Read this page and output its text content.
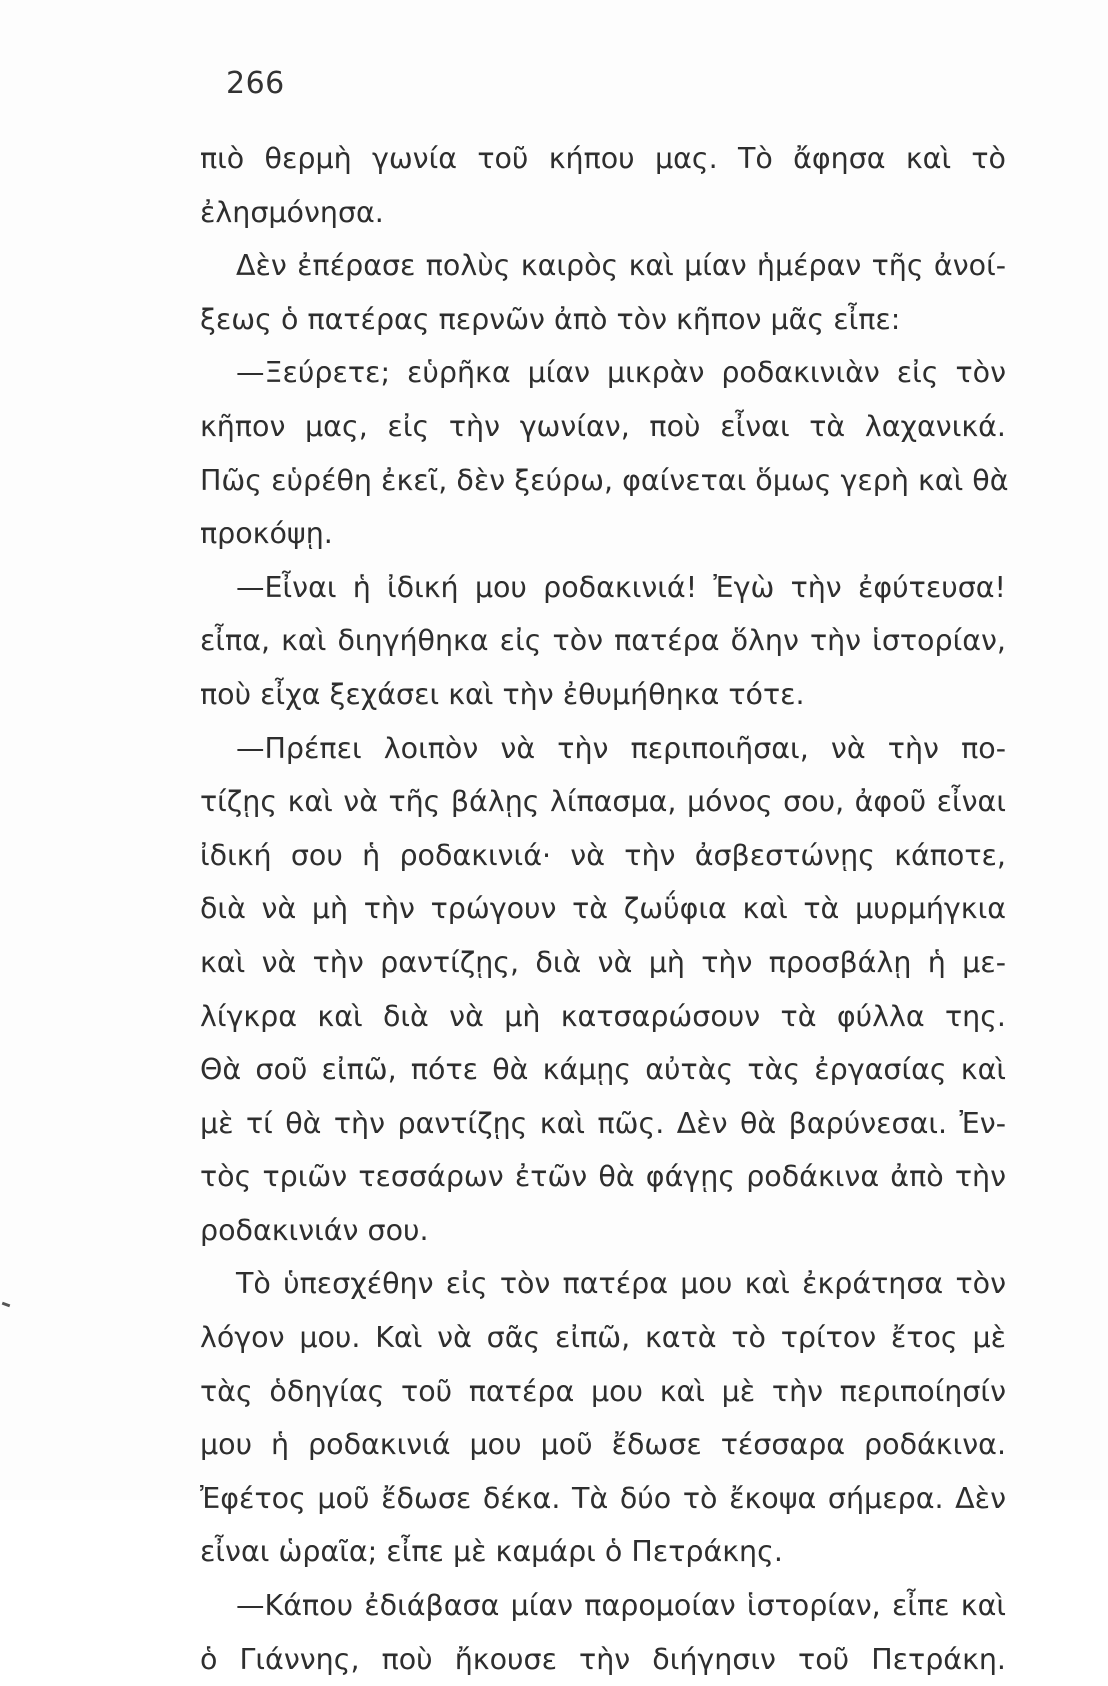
266
πιὸ θερμὴ γωνία τοῦ κήπου μας. Τὸ ἄφησα καὶ τὸ
ἐλησμόνησα.
Δὲν ἐπέρασε πολὺς καιρὸς καὶ μίαν ἡμέραν τῆς ἀνοί-
ξεως ὁ πατέρας περνῶν ἀπὸ τὸν κῆπον μᾶς εἶπε:
—Ξεύρετε; εὑρῆκα μίαν μικρὰν ροδακινιὰν εἰς τὸν
κῆπον μας, εἰς τὴν γωνίαν, ποὺ εἶναι τὰ λαχανικά.
Πῶς εὑρέθη ἐκεῖ, δὲν ξεύρω, φαίνεται ὅμως γερὴ καὶ θὰ
προκόψῃ.
—Εἶναι ἡ ἰδική μου ροδακινιά! Ἐγὼ τὴν ἐφύτευσα!
εἶπα, καὶ διηγήθηκα εἰς τὸν πατέρα ὅλην τὴν ἱστορίαν,
ποὺ εἶχα ξεχάσει καὶ τὴν ἐθυμήθηκα τότε.
—Πρέπει λοιπὸν νὰ τὴν περιποιῆσαι, νὰ τὴν πο-
τίζῃς καὶ νὰ τῆς βάλῃς λίπασμα, μόνος σου, ἀφοῦ εἶναι
ἰδική σου ἡ ροδακινιά· νὰ τὴν ἀσβεστώνῃς κάποτε,
διὰ νὰ μὴ τὴν τρώγουν τὰ ζωΰφια καὶ τὰ μυρμήγκια
καὶ νὰ τὴν ραντίζῃς, διὰ νὰ μὴ τὴν προσβάλῃ ἡ με-
λίγκρα καὶ διὰ νὰ μὴ κατσαρώσουν τὰ φύλλα της.
Θὰ σοῦ εἰπῶ, πότε θὰ κάμῃς αὐτὰς τὰς ἐργασίας καὶ
μὲ τί θὰ τὴν ραντίζῃς καὶ πῶς. Δὲν θὰ βαρύνεσαι. Ἐν-
τὸς τριῶν τεσσάρων ἐτῶν θὰ φάγῃς ροδάκινα ἀπὸ τὴν
ροδακινιάν σου.
Τὸ ὑπεσχέθην εἰς τὸν πατέρα μου καὶ ἐκράτησα τὸν
λόγον μου. Καὶ νὰ σᾶς εἰπῶ, κατὰ τὸ τρίτον ἔτος μὲ
τὰς ὁδηγίας τοῦ πατέρα μου καὶ μὲ τὴν περιποίησίν
μου ἡ ροδακινιά μου μοῦ ἔδωσε τέσσαρα ροδάκινα.
Ἐφέτος μοῦ ἔδωσε δέκα. Τὰ δύο τὸ ἔκοψα σήμερα. Δὲν
εἶναι ὡραῖα; εἶπε μὲ καμάρι ὁ Πετράκης.
—Κάπου ἐδιάβασα μίαν παρομοίαν ἱστορίαν, εἶπε καὶ
ὁ Γιάννης, ποὺ ἤκουσε τὴν διήγησιν τοῦ Πετράκη.
